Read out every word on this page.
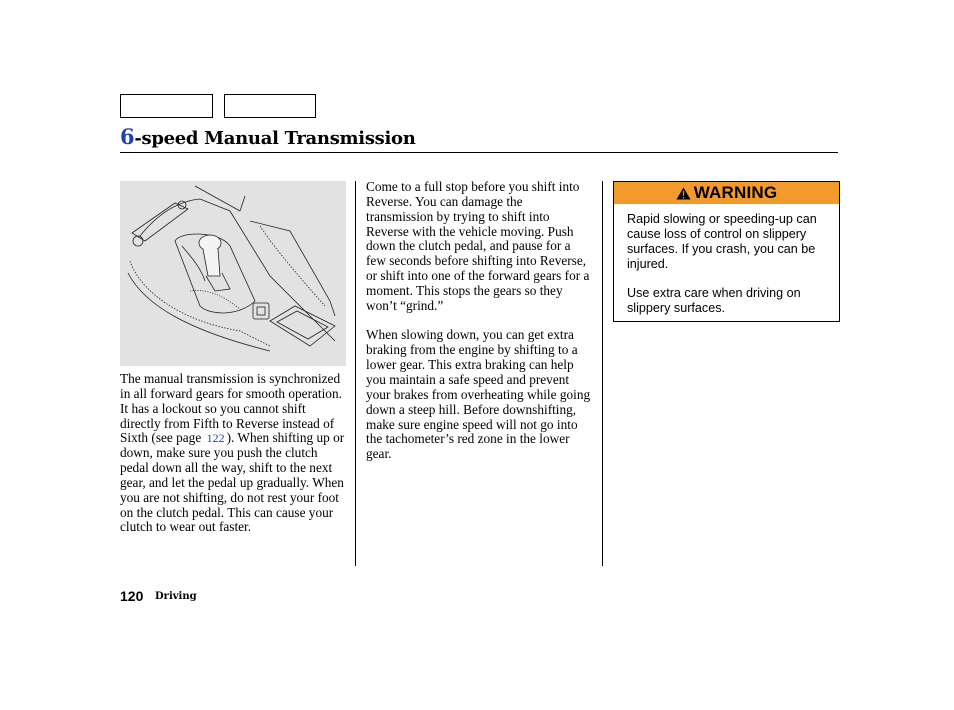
6-speed Manual Transmission
The manual transmission is synchronized in all forward gears for smooth operation. It has a lockout so you cannot shift directly from Fifth to Reverse instead of Sixth (see page 122 ). When shifting up or down, make sure you push the clutch pedal down all the way, shift to the next gear, and let the pedal up gradually. When you are not shifting, do not rest your foot on the clutch pedal. This can cause your clutch to wear out faster.

Come to a full stop before you shift into Reverse. You can damage the transmission by trying to shift into Reverse with the vehicle moving. Push down the clutch pedal, and pause for a few seconds before shifting into Reverse, or shift into one of the forward gears for a moment. This stops the gears so they won’t “grind.”

When slowing down, you can get extra braking from the engine by shifting to a lower gear. This extra braking can help you maintain a safe speed and prevent your brakes from overheating while going down a steep hill. Before downshifting, make sure engine speed will not go into the tachometer’s red zone in the lower gear.

WARNING

Rapid slowing or speeding-up can cause loss of control on slippery surfaces. If you crash, you can be injured.

Use extra care when driving on slippery surfaces.

120 Driving
